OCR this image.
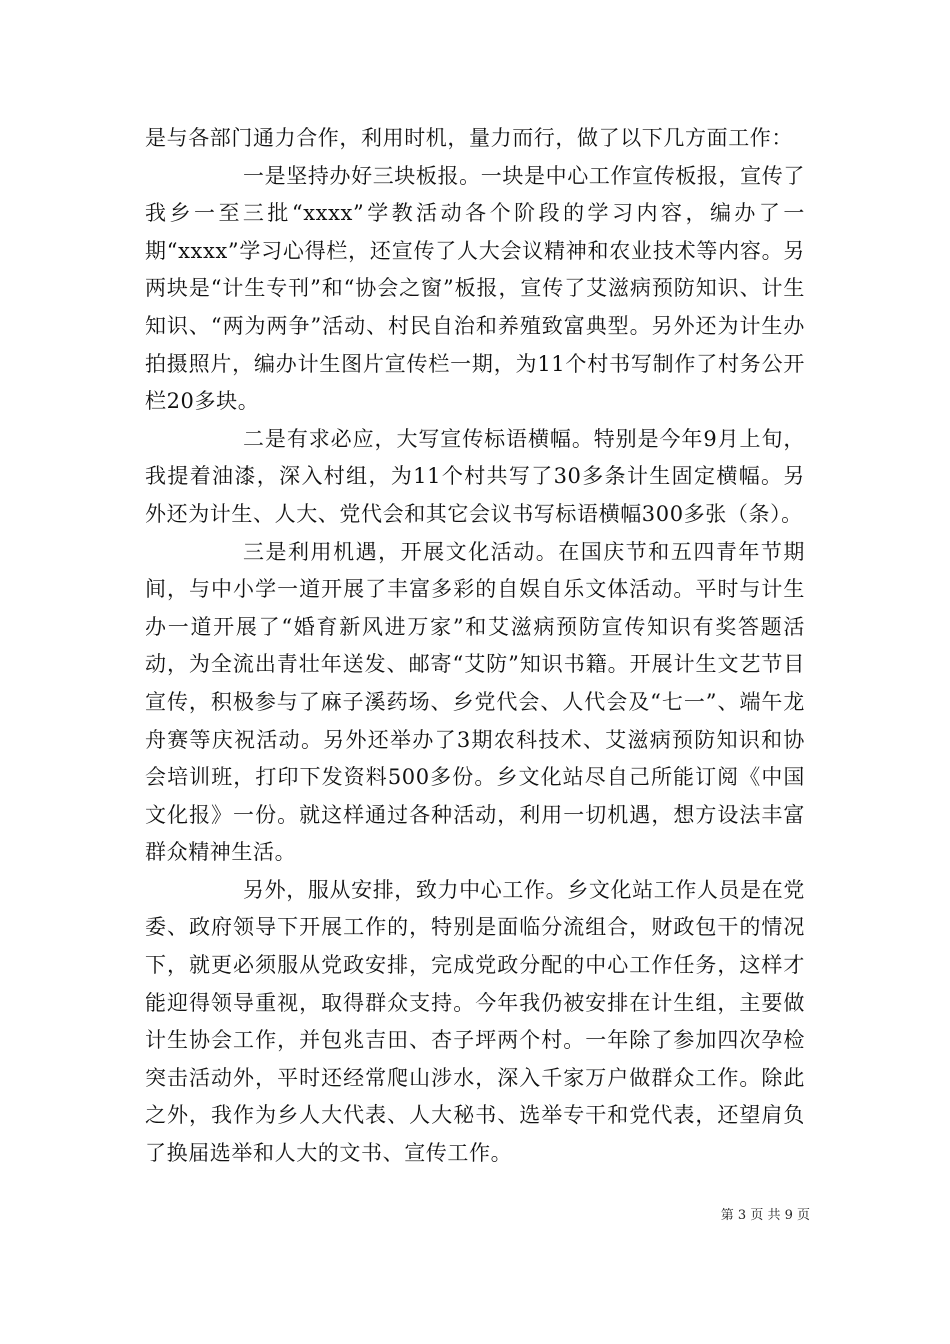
是与各部门通力合作，利用时机，量力而行，做了以下几方面工作：

一是坚持办好三块板报。一块是中心工作宣传板报，宣传了我乡一至三批“xxxx”学教活动各个阶段的学习内容，编办了一期“xxxx”学习心得栏，还宣传了人大会议精神和农业技术等内容。另两块是“计生专刊”和“协会之窗”板报，宣传了艾滋病预防知识、计生知识、“两为两争”活动、村民自治和养殖致富典型。另外还为计生办拍摄照片，编办计生图片宣传栏一期，为11个村书写制作了村务公开栏20多块。

二是有求必应，大写宣传标语横幅。特别是今年9月上旬，我提着油漆，深入村组，为11个村共写了30多条计生固定横幅。另外还为计生、人大、党代会和其它会议书写标语横幅300多张（条）。

三是利用机遇，开展文化活动。在国庆节和五四青年节期间，与中小学一道开展了丰富多彩的自娱自乐文体活动。平时与计生办一道开展了“婚育新风进万家”和艾滋病预防宣传知识有奖答题活动，为全流出青壮年送发、邮寄“艾防”知识书籍。开展计生文艺节目宣传，积极参与了麻子溪药场、乡党代会、人代会及“七一”、端午龙舟赛等庆祝活动。另外还举办了3期农科技术、艾滋病预防知识和协会培训班，打印下发资料500多份。乡文化站尽自己所能订阅《中国文化报》一份。就这样通过各种活动，利用一切机遇，想方设法丰富群众精神生活。

另外，服从安排，致力中心工作。乡文化站工作人员是在党委、政府领导下开展工作的，特别是面临分流组合，财政包干的情况下，就更必须服从党政安排，完成党政分配的中心工作任务，这样才能迎得领导重视，取得群众支持。今年我仍被安排在计生组，主要做计生协会工作，并包兆吉田、杏子坪两个村。一年除了参加四次孕检突击活动外，平时还经常爬山涉水，深入千家万户做群众工作。除此之外，我作为乡人大代表、人大秘书、选举专干和党代表，还望肩负了换届选举和人大的文书、宣传工作。

第 3 页 共 9 页
